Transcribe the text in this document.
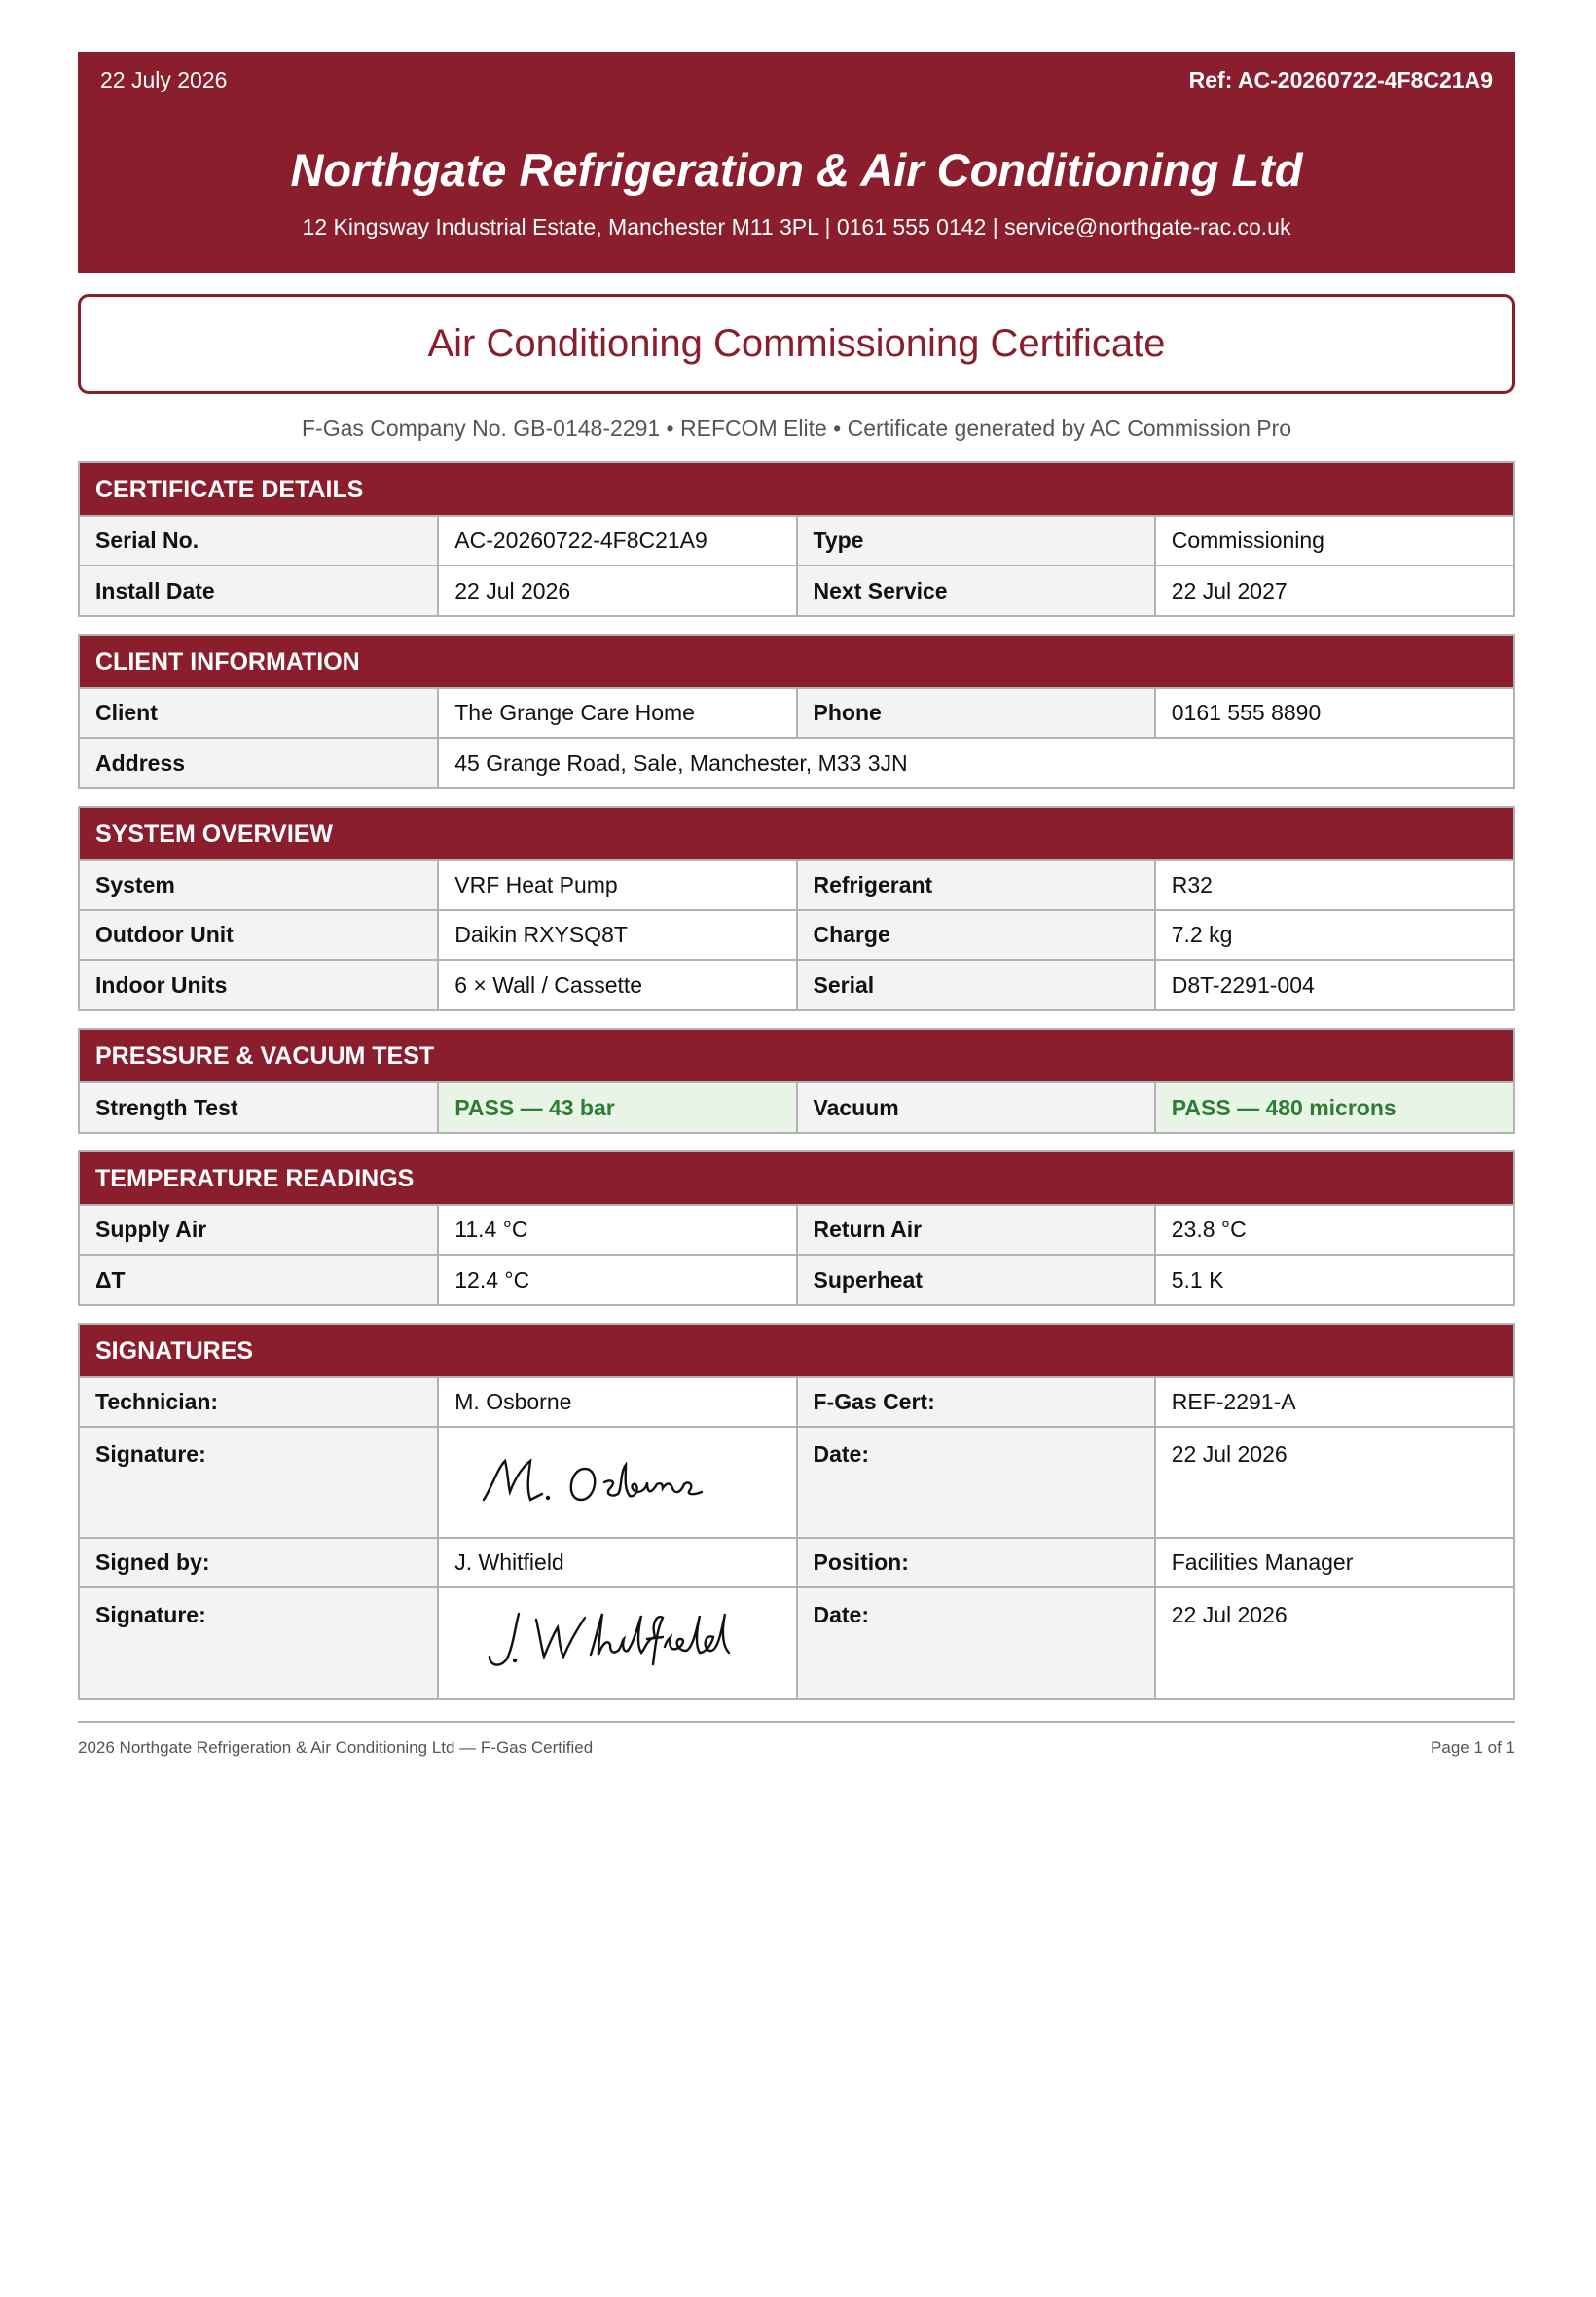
22 July 2026	Ref: AC-20260722-4F8C21A9
Northgate Refrigeration & Air Conditioning Ltd
12 Kingsway Industrial Estate, Manchester M11 3PL | 0161 555 0142 | service@northgate-rac.co.uk
Air Conditioning Commissioning Certificate
F-Gas Company No. GB-0148-2291 • REFCOM Elite • Certificate generated by AC Commission Pro
CERTIFICATE DETAILS
Serial No.	AC-20260722-4F8C21A9	Type	Commissioning
Install Date	22 Jul 2026	Next Service	22 Jul 2027
CLIENT INFORMATION
Client	The Grange Care Home	Phone	0161 555 8890
Address	45 Grange Road, Sale, Manchester, M33 3JN		
SYSTEM OVERVIEW
System	VRF Heat Pump	Refrigerant	R32
Outdoor Unit	Daikin RXYSQ8T	Charge	7.2 kg
Indoor Units	6 × Wall / Cassette	Serial	D8T-2291-004
PRESSURE & VACUUM TEST
Strength Test	PASS — 43 bar	Vacuum	PASS — 480 microns
TEMPERATURE READINGS
Supply Air	11.4 °C	Return Air	23.8 °C
ΔT	12.4 °C	Superheat	5.1 K
SIGNATURES
Technician:	M. Osborne	F-Gas Cert:	REF-2291-A
Signature:		Date:	22 Jul 2026
Signed by:	J. Whitfield	Position:	Facilities Manager
Signature:		Date:	22 Jul 2026
2026 Northgate Refrigeration & Air Conditioning Ltd — F-Gas Certified	Page 1 of 1
